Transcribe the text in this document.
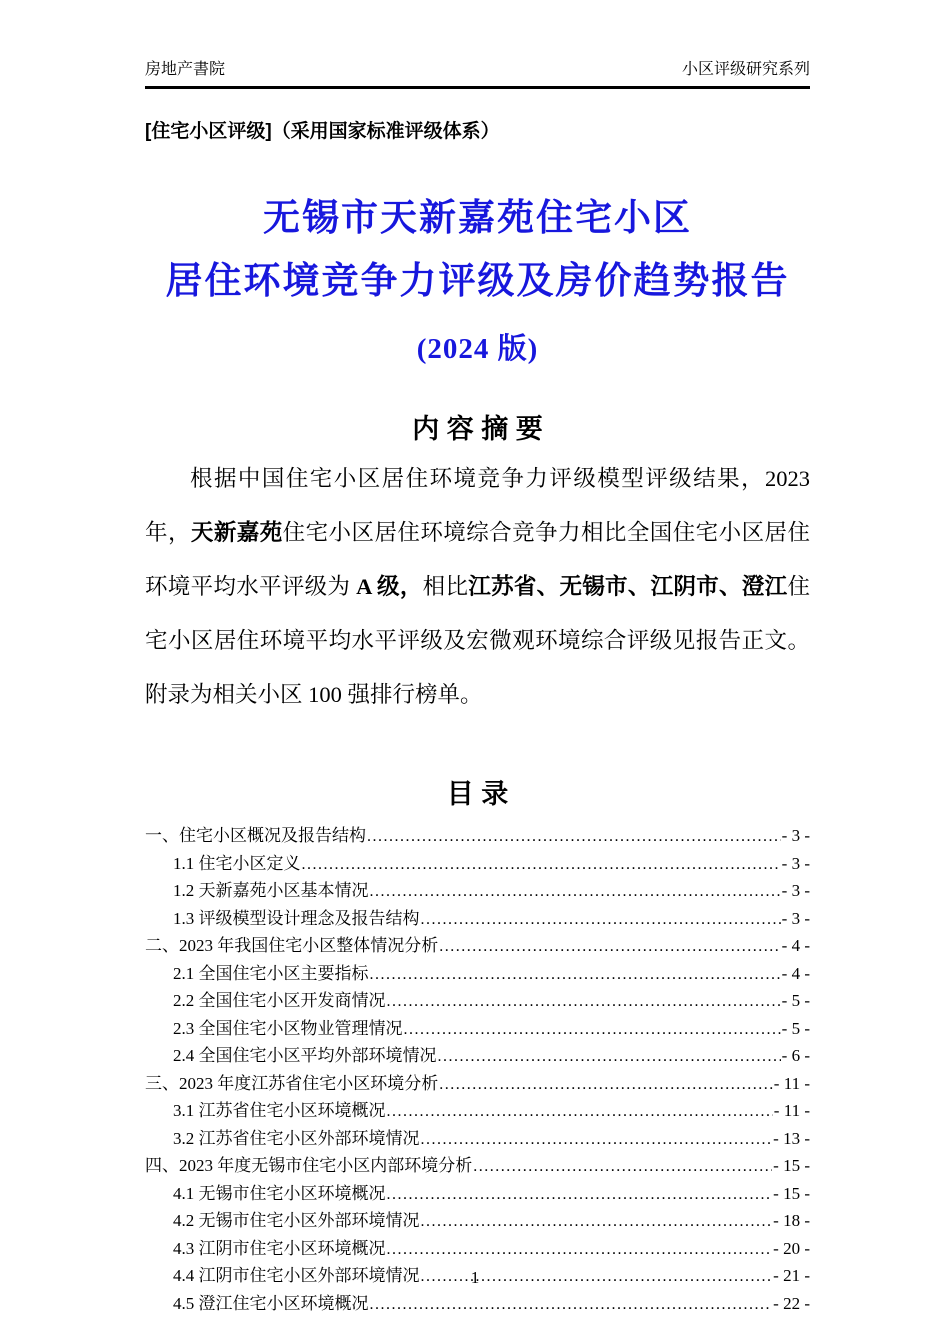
房地产書院	小区评级研究系列
[住宅小区评级]（采用国家标准评级体系）
无锡市天新嘉苑住宅小区
居住环境竞争力评级及房价趋势报告
(2024 版)
内 容 摘 要

根据中国住宅小区居住环境竞争力评级模型评级结果，2023 年，天新嘉苑住宅小区居住环境综合竞争力相比全国住宅小区居住环境平均水平评级为 A 级，相比江苏省、无锡市、江阴市、澄江住宅小区居住环境平均水平评级及宏微观环境综合评级见报告正文。附录为相关小区 100 强排行榜单。

目 录
一、住宅小区概况及报告结构 .....	- 3 -
1.1 住宅小区定义 .....	- 3 -
1.2 天新嘉苑小区基本情况 .....	- 3 -
1.3 评级模型设计理念及报告结构 .....	- 3 -
二、2023 年我国住宅小区整体情况分析 .....	- 4 -
2.1 全国住宅小区主要指标 .....	- 4 -
2.2 全国住宅小区开发商情况 .....	- 5 -
2.3 全国住宅小区物业管理情况 .....	- 5 -
2.4 全国住宅小区平均外部环境情况 .....	- 6 -
三、2023 年度江苏省住宅小区环境分析 .....	- 11 -
3.1 江苏省住宅小区环境概况 .....	- 11 -
3.2 江苏省住宅小区外部环境情况 .....	- 13 -
四、2023 年度无锡市住宅小区内部环境分析 .....	- 15 -
4.1 无锡市住宅小区环境概况 .....	- 15 -
4.2 无锡市住宅小区外部环境情况 .....	- 18 -
4.3 江阴市住宅小区环境概况 .....	- 20 -
4.4 江阴市住宅小区外部环境情况 .....	- 21 -
4.5 澄江住宅小区环境概况 .....	- 22 -
1
